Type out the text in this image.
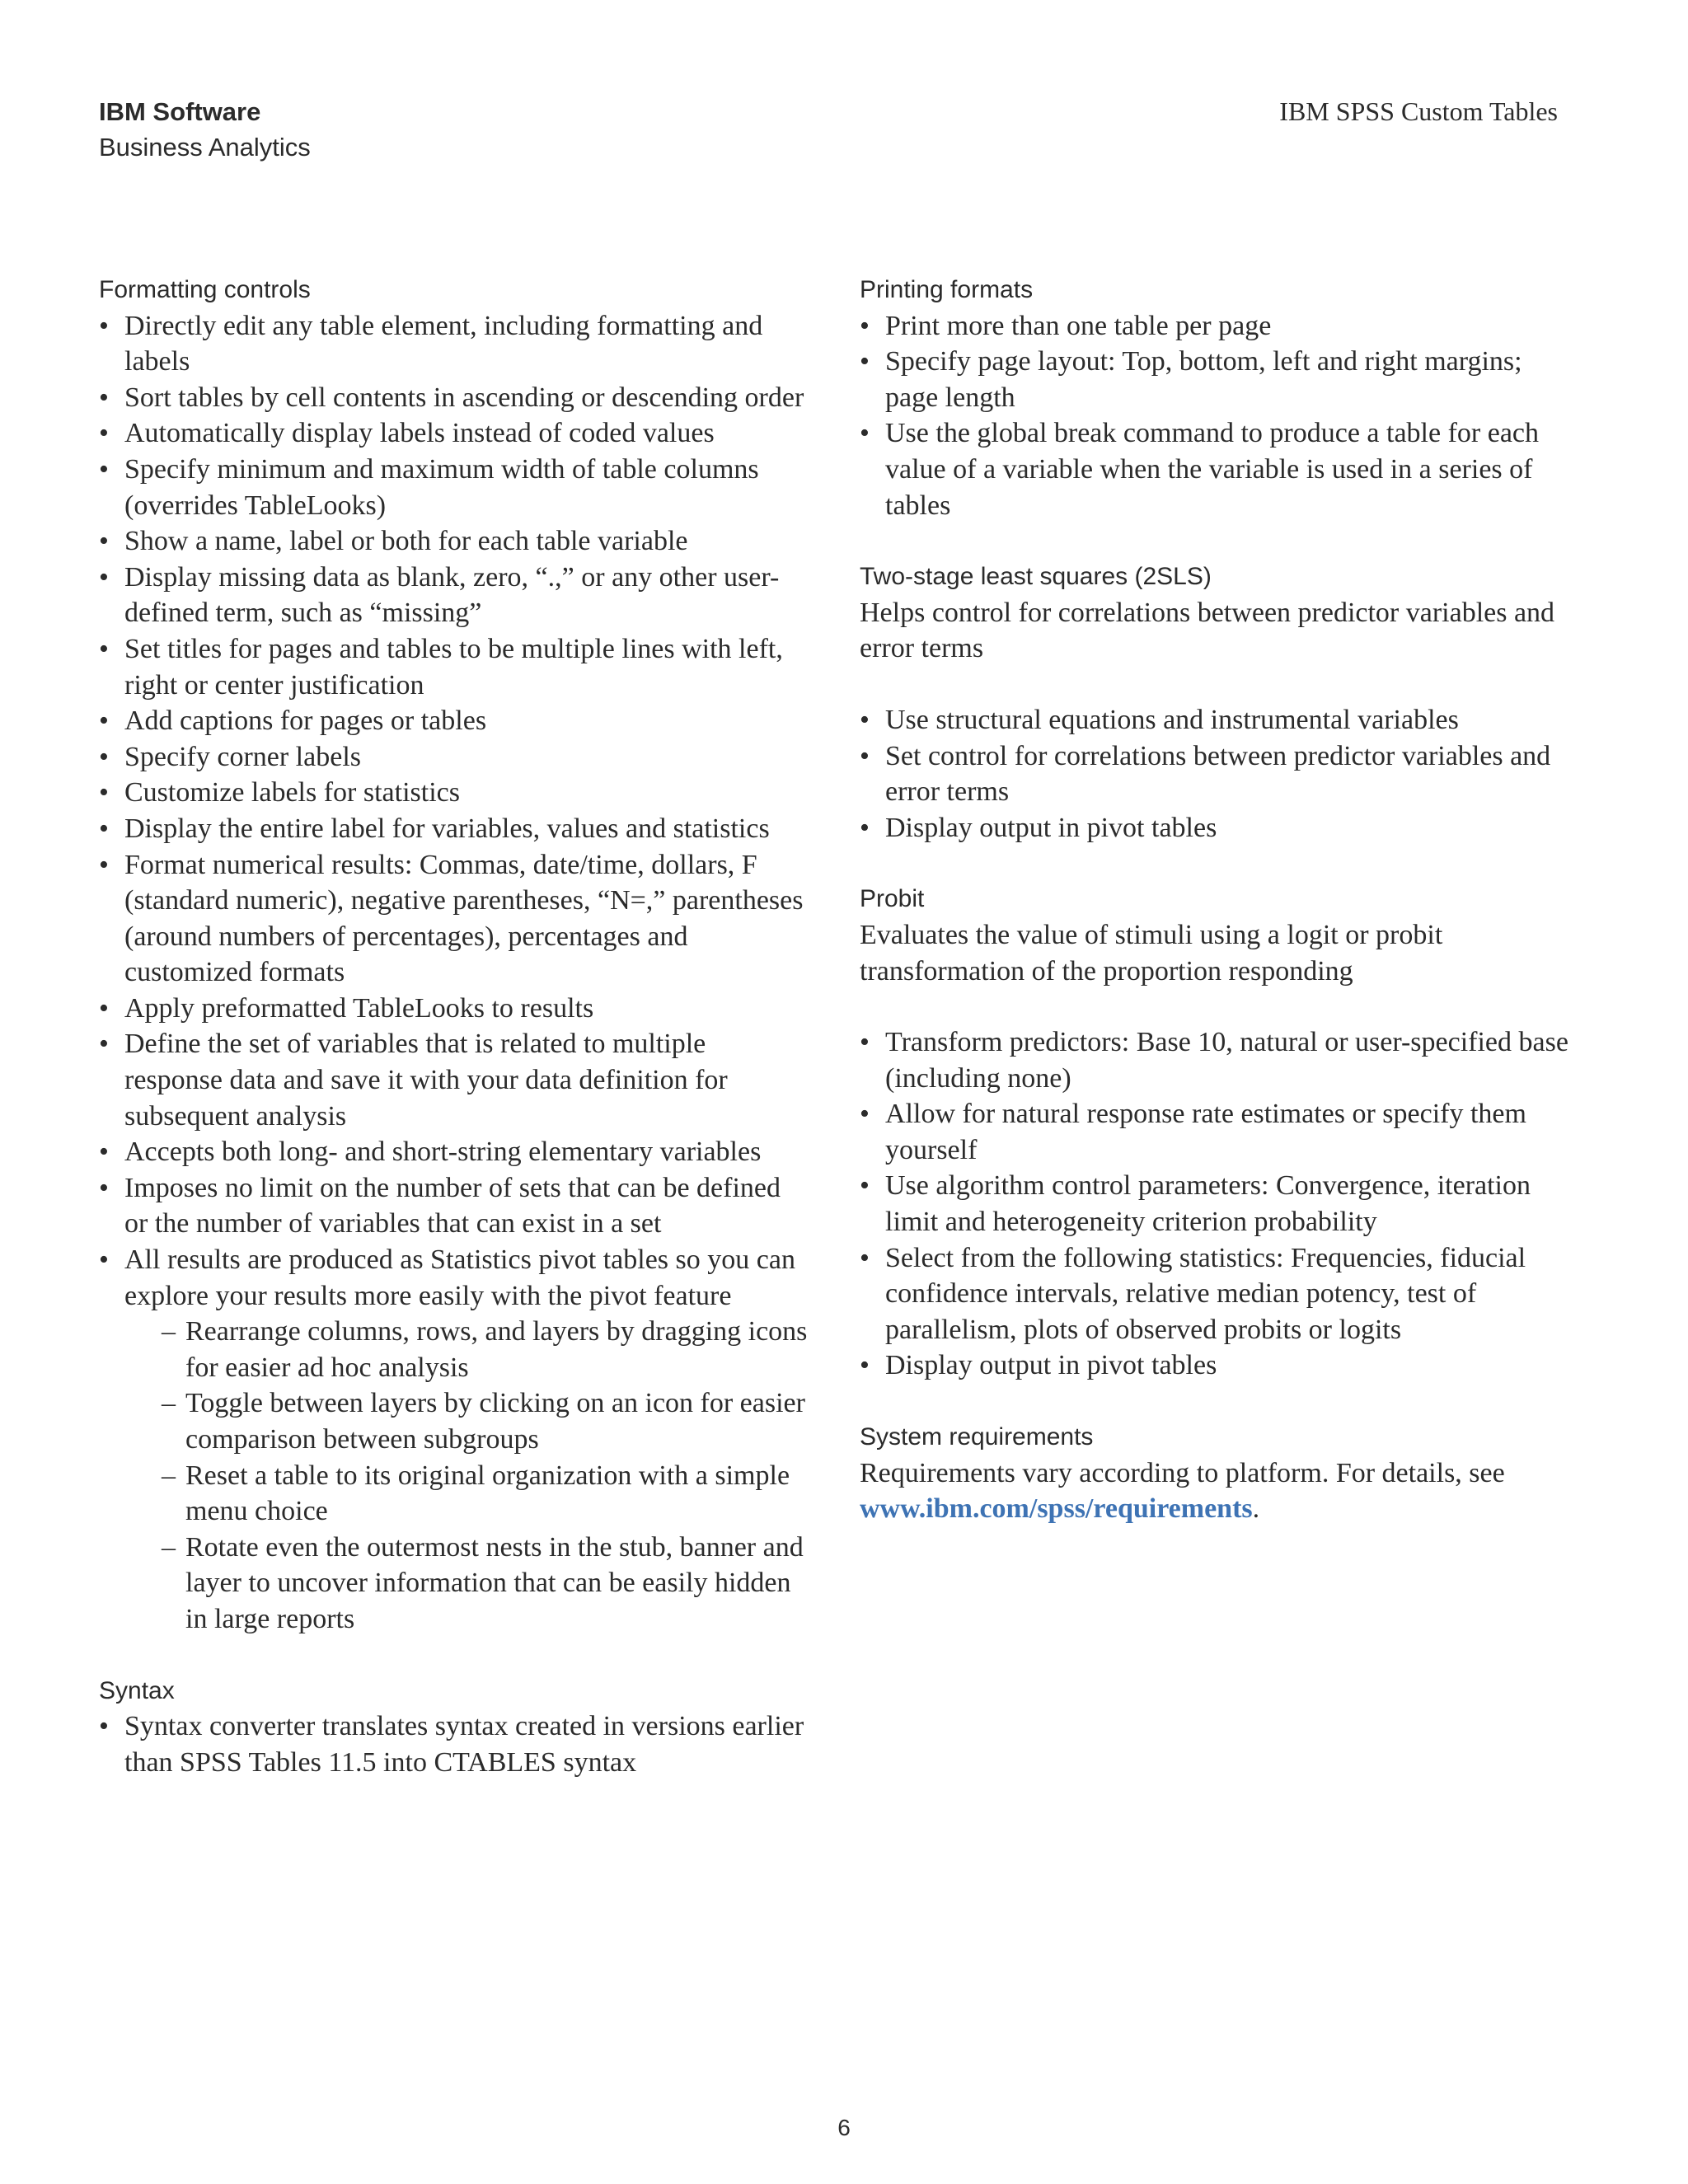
IBM Software
Business Analytics
IBM SPSS Custom Tables
Formatting controls
• Directly edit any table element, including formatting and labels
• Sort tables by cell contents in ascending or descending order
• Automatically display labels instead of coded values
• Specify minimum and maximum width of table columns (overrides TableLooks)
• Show a name, label or both for each table variable
• Display missing data as blank, zero, “.,” or any other user-defined term, such as “missing”
• Set titles for pages and tables to be multiple lines with left, right or center justification
• Add captions for pages or tables
• Specify corner labels
• Customize labels for statistics
• Display the entire label for variables, values and statistics
• Format numerical results: Commas, date/time, dollars, F (standard numeric), negative parentheses, “N=,” parentheses (around numbers of percentages), percentages and customized formats
• Apply preformatted TableLooks to results
• Define the set of variables that is related to multiple response data and save it with your data definition for subsequent analysis
• Accepts both long- and short-string elementary variables
• Imposes no limit on the number of sets that can be defined or the number of variables that can exist in a set
• All results are produced as Statistics pivot tables so you can explore your results more easily with the pivot feature
– Rearrange columns, rows, and layers by dragging icons for easier ad hoc analysis
– Toggle between layers by clicking on an icon for easier comparison between subgroups
– Reset a table to its original organization with a simple menu choice
– Rotate even the outermost nests in the stub, banner and layer to uncover information that can be easily hidden in large reports
Syntax
• Syntax converter translates syntax created in versions earlier than SPSS Tables 11.5 into CTABLES syntax
Printing formats
• Print more than one table per page
• Specify page layout: Top, bottom, left and right margins; page length
• Use the global break command to produce a table for each value of a variable when the variable is used in a series of tables
Two-stage least squares (2SLS)

Helps control for correlations between predictor variables and error terms

• Use structural equations and instrumental variables
• Set control for correlations between predictor variables and error terms
• Display output in pivot tables
Probit

Evaluates the value of stimuli using a logit or probit transformation of the proportion responding

• Transform predictors: Base 10, natural or user-specified base (including none)
• Allow for natural response rate estimates or specify them yourself
• Use algorithm control parameters: Convergence, iteration limit and heterogeneity criterion probability
• Select from the following statistics: Frequencies, fiducial confidence intervals, relative median potency, test of parallelism, plots of observed probits or logits
• Display output in pivot tables
System requirements

Requirements vary according to platform. For details, see www.ibm.com/spss/requirements.

6
